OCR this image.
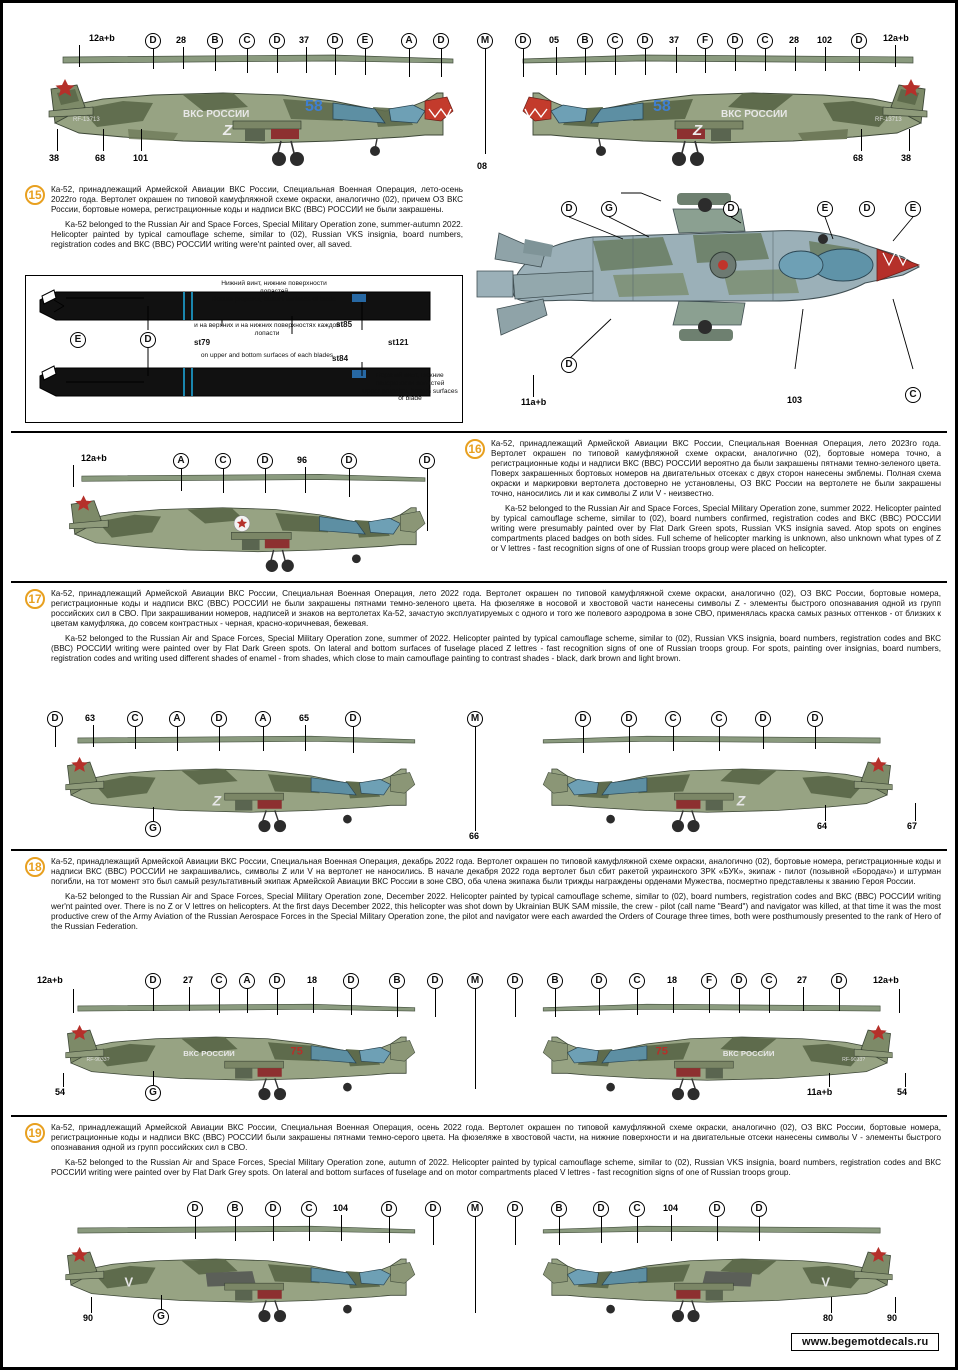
ВКС РОССИИ
Z
58
RF-13713	ВКС РОССИИ
Z
58
RF-13713
12a+b	D	28	B	C	D	37	D	E	A	D	M	D	05	B	C	D	37	F	D	C	28 102	D	12a+b
38	68	101
08
68	38
15	Ка-52, принадлежащий Армейской Авиации ВКС России, Специальная Военная Операция, лето-осень 2022го года. Вертолет окрашен по типовой камуфляжной схеме окраски, аналогично (02), причем ОЗ ВКС России, бортовые номера, регистрационные коды и надписи ВКС (ВВС) РОССИИ не были закрашены.
Ka-52 belonged to the Russian Air and Space Forces, Special Military Operation zone, summer-autumn 2022. Helicopter painted by typical camouflage scheme, similar to (02), Russian VKS insignia, board numbers, registration codes and ВКС (ВВС) РОССИИ writing were'nt painted over, all saved.
E	D
Нижний винт, нижние поверхности лопастей
Bottom propeller, bottom surfaces of blade
и на верхних и на нижних поверхностях каждой лопасти
on upper and bottom surfaces of each blades
st79
st85
st121
st84
Верхний винт, нижние поверхности лопастей
Upper propeller, bottom surfaces of blade
D	G	D	E	D	E
D
11a+b	103	C
12a+b	A	C	D	96	D	D
16	Ка-52, принадлежащий Армейской Авиации ВКС России, Специальная Военная Операция, лето 2023го года. Вертолет окрашен по типовой камуфляжной схеме окраски, аналогично (02), бортовые номера точно, а регистрационные коды и надписи ВКС (ВВС) РОССИИ вероятно да были закрашены пятнами темно-зеленого цвета. Поверх закрашенных бортовых номеров на двигательных отсеках с двух сторон нанесены эмблемы. Полная схема окраски и маркировки вертолета достоверно не установлены, ОЗ ВКС России на вертолете не были закрашены точно, наносились ли и как символы Z или V - неизвестно.
Ka-52 belonged to the Russian Air and Space Forces, Special Military Operation zone, summer 2022. Helicopter painted by typical camouflage scheme, similar to (02), board numbers confirmed, registration codes and ВКС (ВВС) РОССИИ writing were presumably painted over by Flat Dark Green spots, Russian VKS insignia saved. Atop spots on engines compartments placed badges on both sides. Full scheme of helicopter marking is unknown, also unknown what types of Z or V lettres - fast recognition signs of one of Russian troops group were placed on helicopter.
17	Ка-52, принадлежащий Армейской Авиации ВКС России, Специальная Военная Операция, лето 2022 года. Вертолет окрашен по типовой камуфляжной схеме окраски, аналогично (02), ОЗ ВКС России, бортовые номера, регистрационные коды и надписи ВКС (ВВС) РОССИИ не были закрашены пятнами темно-зеленого цвета. На фюзеляже в носовой и хвостовой части нанесены символы Z - элементы быстрого опознавания одной из групп российских сил в СВО. При закрашивании номеров, надписей и знаков на вертолетах Ка-52, зачастую эксплуатируемых с одного и того же полевого аэродрома в зоне СВО, применялась краска самых разных оттенков - от близких к цветам камуфляжа, до совсем контрастных - черная, красно-коричневая, бежевая.
Ka-52 belonged to the Russian Air and Space Forces, Special Military Operation zone, summer of 2022. Helicopter painted by typical camouflage scheme, similar to (02), Russian VKS insignia, board numbers, registration codes and ВКС (ВВС) РОССИИ writing were painted over by Flat Dark Green spots. On lateral and bottom surfaces of fuselage placed Z lettres - fast recognition signs of one of Russian troops group. For spots, painting over insignias, board numbers, registration codes and writing used different shades of enamel - from shades, which close to main camouflage painting to contrast shades - black, dark brown and light brown.
Z	Z
D	63	C	A	D	A	65	D	M	D	D	C	C	D	D
G
66
64	67
18	Ка-52, принадлежащий Армейской Авиации ВКС России, Специальная Военная Операция, декабрь 2022 года. Вертолет окрашен по типовой камуфляжной схеме окраски, аналогично (02), бортовые номера, регистрационные коды и надписи ВКС (ВВС) РОССИИ не закрашивались, символы Z или V на вертолет не наносились. В начале декабря 2022 года вертолет был сбит ракетой украинского ЗРК «БУК», экипаж - пилот (позывной «Бородач») и штурман погибли, на тот момент это был самый результативный экипаж Армейской Авиации ВКС России в зоне СВО, оба члена экипажа были трижды награждены орденами Мужества, посмертно представлены к званию Героя России.
Ka-52 belonged to the Russian Air and Space Forces, Special Military Operation zone, December 2022. Helicopter painted by typical camouflage scheme, similar to (02), board numbers, registration codes and ВКС (ВВС) РОССИИ writing wer'nt painted over. There is no Z or V lettres on helicopters. At the first days December 2022, this helicopter was shot down by Ukrainian BUK SAM missile, the crew - pilot (call name "Beard") and navigator was killed, at that time it was the most productive crew of the Army Aviation of the Russian Aerospace Forces in the Special Military Operation zone, the pilot and navigator were each awarded the Orders of Courage three times, both were posthumously presented to the rank of Hero of the Russian Federation.
ВКС РОССИИ	75
RF-9033?
ВКС РОССИИ
75
RF-9033?
12a+b	D	27	C	A	D	18	D	B	D	M	D	B	D	C	18	F	D	C	27	D	12a+b
54	G	11a+b	54
19	Ка-52, принадлежащий Армейской Авиации ВКС России, Специальная Военная Операция, осень 2022 года. Вертолет окрашен по типовой камуфляжной схеме окраски, аналогично (02), ОЗ ВКС России, бортовые номера, регистрационные коды и надписи ВКС (ВВС) РОССИИ были закрашены пятнами темно-серого цвета. На фюзеляже в хвостовой части, на нижние поверхности и на двигательные отсеки нанесены символы V - элементы быстрого опознавания одной из групп российских сил в СВО.
Ka-52 belonged to the Russian Air and Space Forces, Special Military Operation zone, autumn of 2022. Helicopter painted by typical camouflage scheme, similar to (02), Russian VKS insignia, board numbers, registration codes and ВКС РОССИИ writing were painted over by Flat Dark Grey spots. On lateral and bottom surfaces of fuselage and on motor compartments placed V lettres - fast recognition signs of one of Russian troops group.
V	V
D	B	D	C	104	D	D	M	D	B	D	C	104	D	D
90	G	80	90
www.begemotdecals.ru
